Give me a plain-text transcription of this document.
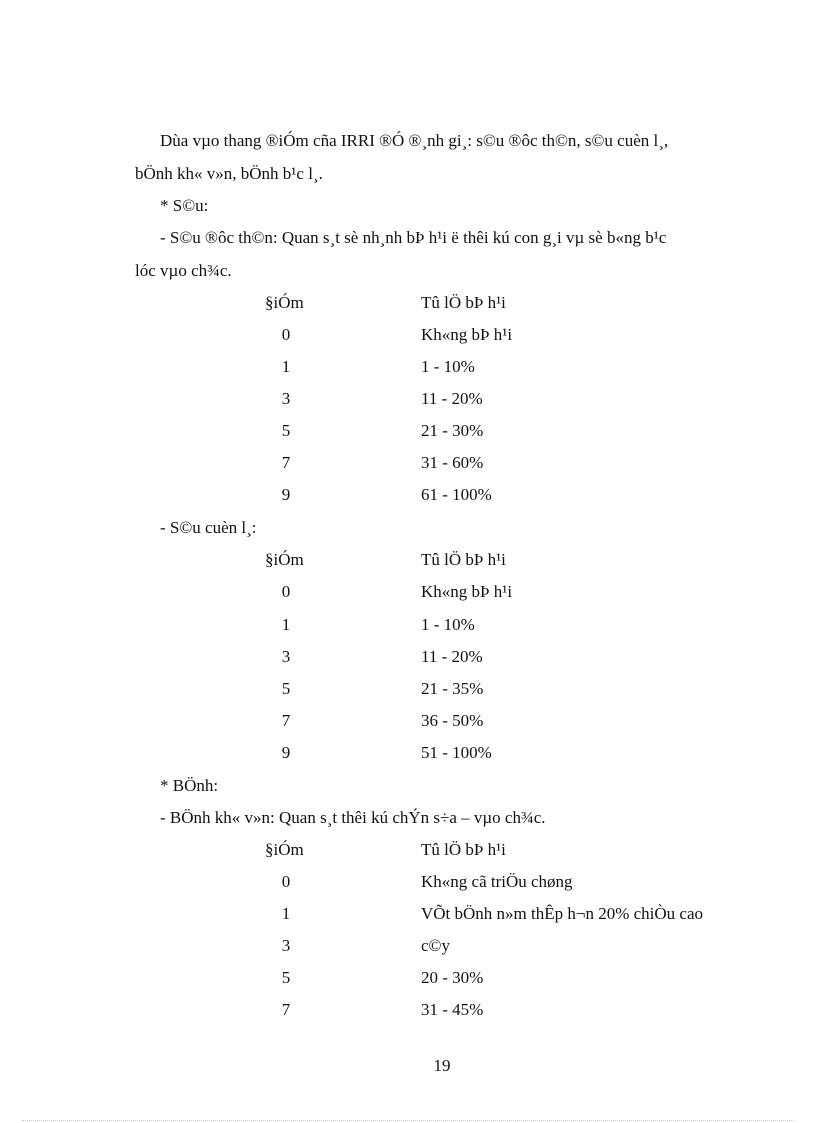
Dùa vµo thang ®iÓm cña IRRI ®Ó ®¸nh gi¸: s©u ®ôc th©n, s©u cuèn l¸,
bÖnh kh« v»n, bÖnh b¹c l¸.
* S©u:
- S©u ®ôc th©n: Quan s¸t sè nh¸nh bÞ h¹i ë thêi kú con g¸i vµ sè b«ng b¹c
lóc vµo ch¾c.
§iÓm	Tû lÖ bÞ h¹i
0	Kh«ng bÞ h¹i
1	1 - 10%
3	11 - 20%
5	21 - 30%
7	31 - 60%
9	61 - 100%
- S©u cuèn l¸:
§iÓm	Tû lÖ bÞ h¹i
0	Kh«ng bÞ h¹i
1	1 - 10%
3	11 - 20%
5	21 - 35%
7	36 - 50%
9	51 - 100%
* BÖnh:
- BÖnh kh« v»n: Quan s¸t thêi kú chÝn s÷a – vµo ch¾c.
§iÓm	Tû lÖ bÞ h¹i
0	Kh«ng cã triÖu chøng
1	VÕt bÖnh n»m thÊp h¬n 20% chiÒu cao
3	c©y
5	20 - 30%
7	31 - 45%
19
